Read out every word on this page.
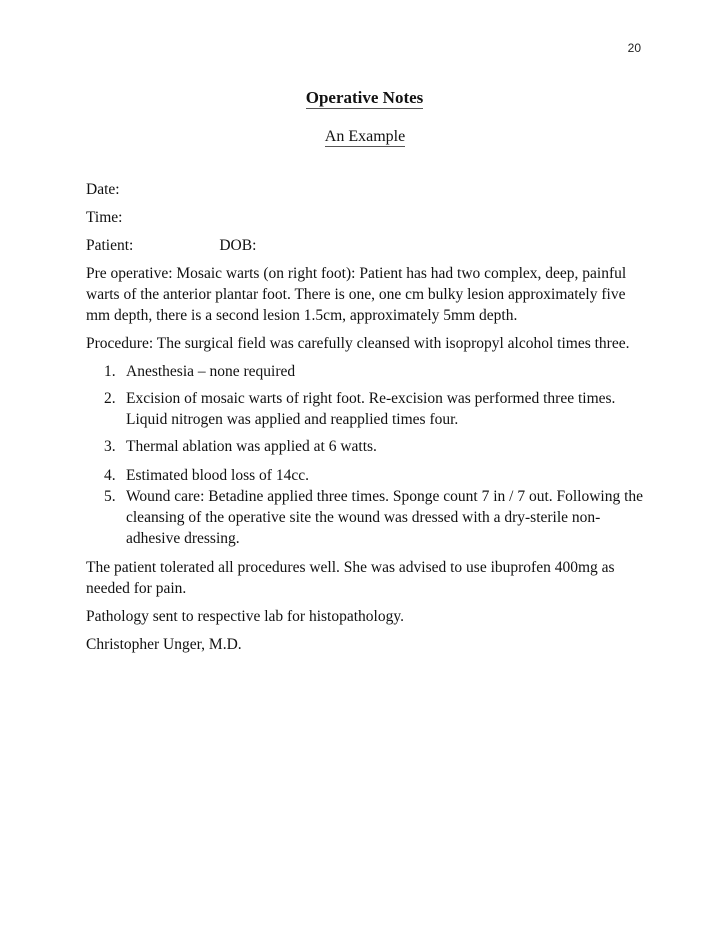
20
Operative Notes
An Example
Date:
Time:
Patient:	DOB:

Pre operative: Mosaic warts (on right foot): Patient has had two complex, deep, painful warts of the anterior plantar foot. There is one, one cm bulky lesion approximately five mm depth, there is a second lesion 1.5cm, approximately 5mm depth.

Procedure: The surgical field was carefully cleansed with isopropyl alcohol times three.

1. Anesthesia – none required
2. Excision of mosaic warts of right foot. Re-excision was performed three times. Liquid nitrogen was applied and reapplied times four.
3. Thermal ablation was applied at 6 watts.
4. Estimated blood loss of 14cc.
5. Wound care: Betadine applied three times. Sponge count 7 in / 7 out. Following the cleansing of the operative site the wound was dressed with a dry-sterile non-adhesive dressing.

The patient tolerated all procedures well. She was advised to use ibuprofen 400mg as needed for pain.

Pathology sent to respective lab for histopathology.

Christopher Unger, M.D.
